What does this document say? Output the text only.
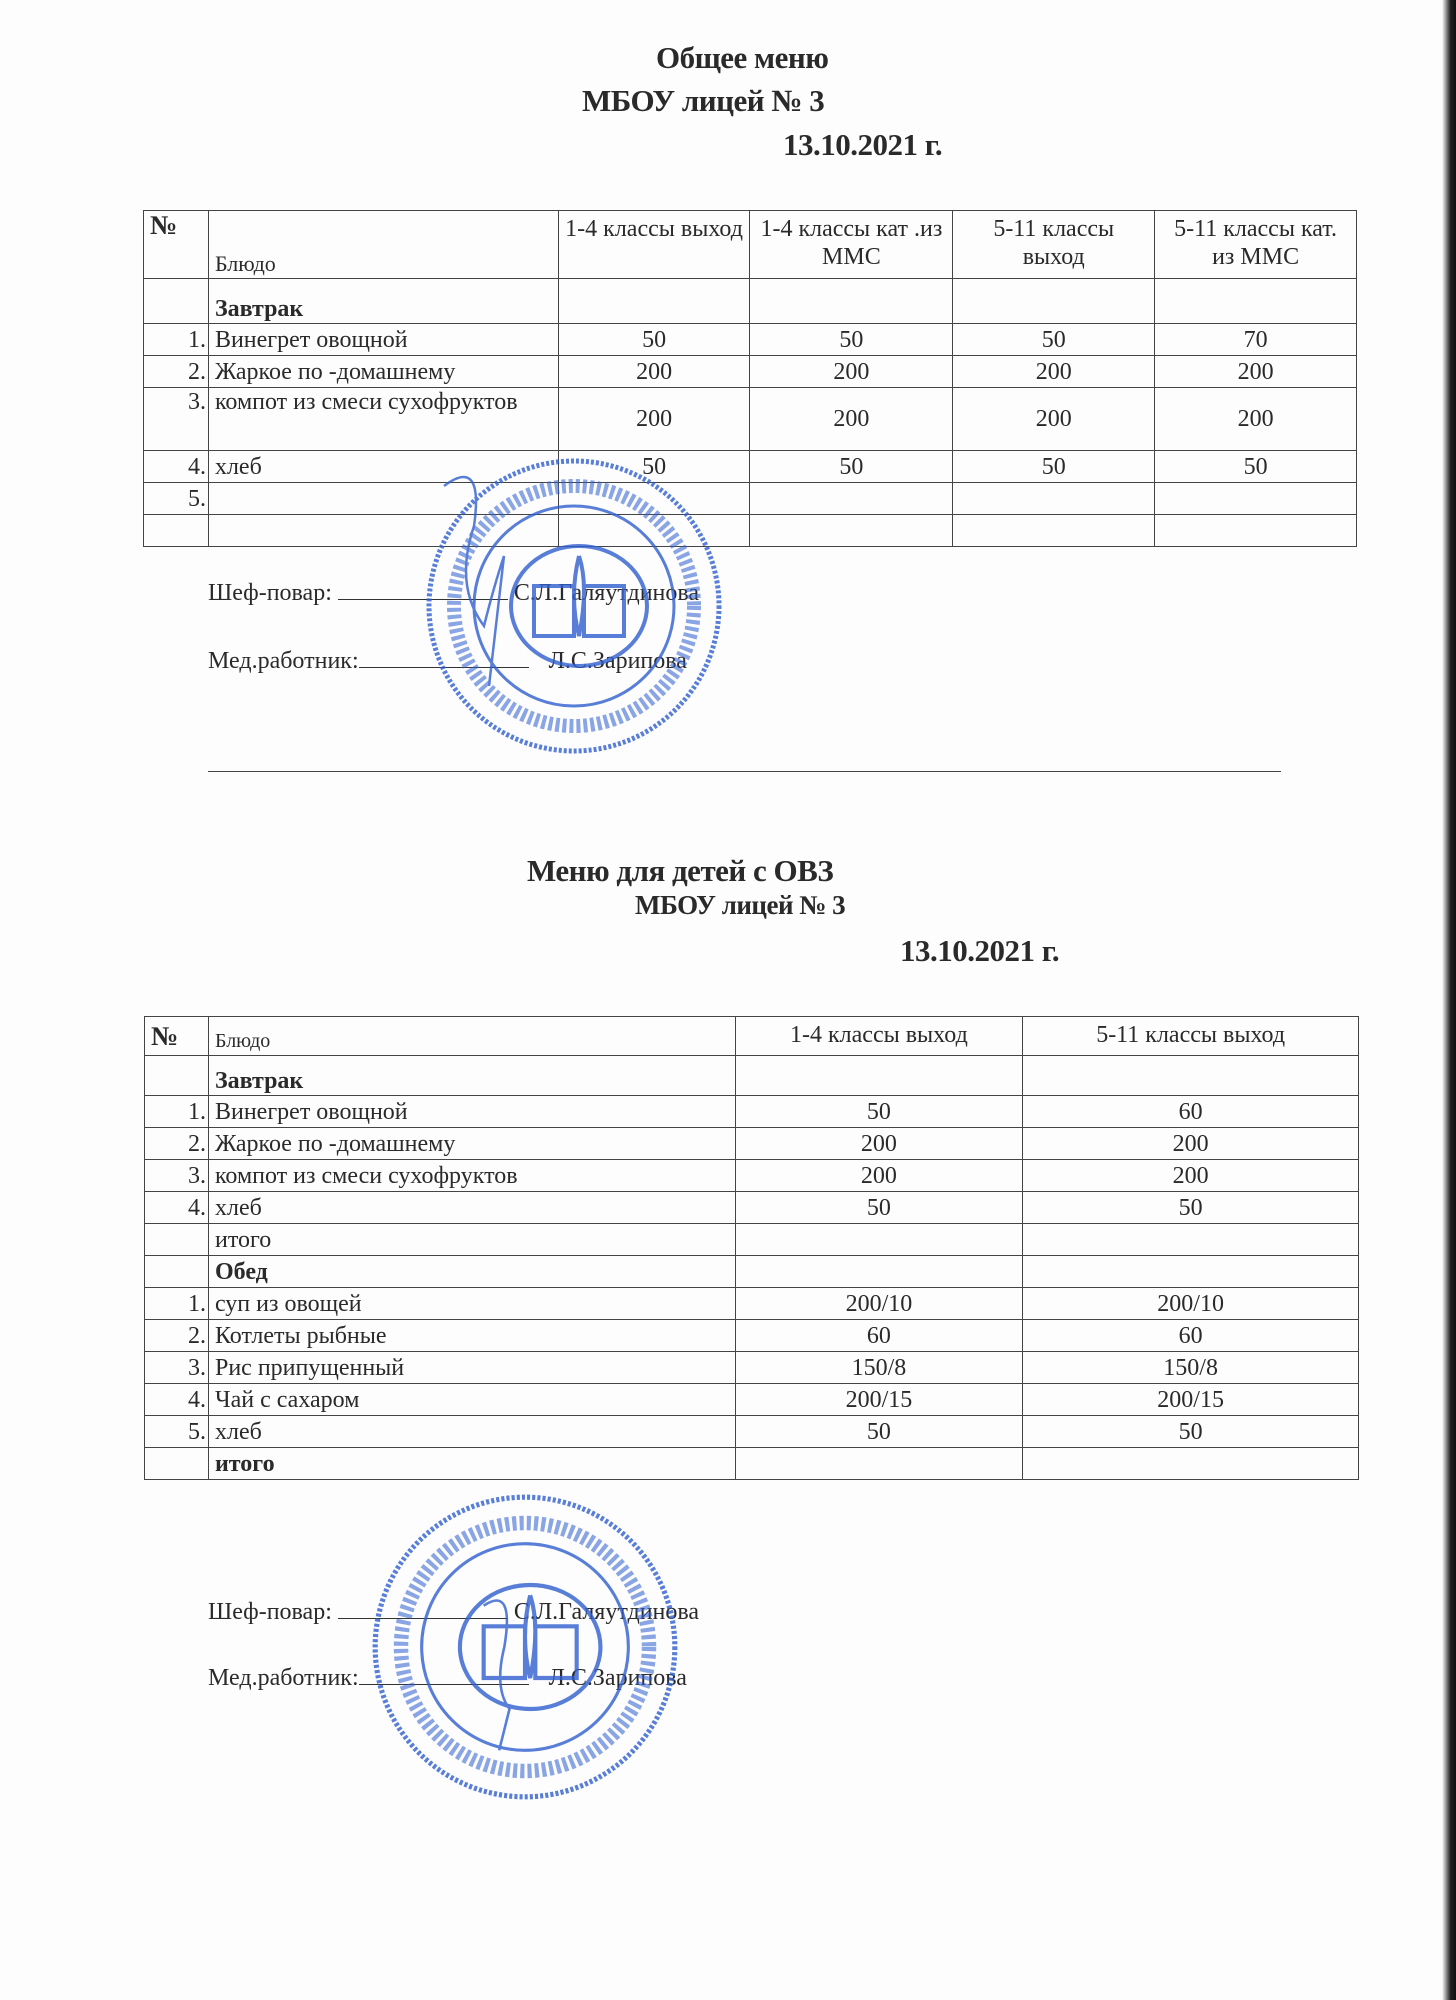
Общее меню
МБОУ лицей № 3
13.10.2021 г.
№	Блюдо	1-4 классы выход	1-4 классы кат .из ММС	5-11 классы выход	5-11 классы кат. из ММС
	Завтрак				
1.	Винегрет овощной	50	50	50	70
2.	Жаркое по -домашнему	200	200	200	200
3.	компот из смеси сухофруктов	200	200	200	200
4.	хлеб	50	50	50	50
5.					

Шеф-повар:	С.Л.Галяутдинова
Мед.работник:	Л.С.Зарипова
Меню для детей с ОВЗ
МБОУ лицей № 3
13.10.2021 г.
№	Блюдо	1-4 классы выход	5-11 классы выход
	Завтрак		
1.	Винегрет овощной	50	60
2.	Жаркое по -домашнему	200	200
3.	компот из смеси сухофруктов	200	200
4.	хлеб	50	50
	итого		
	Обед		
1.	суп из овощей	200/10	200/10
2.	Котлеты рыбные	60	60
3.	Рис припущенный	150/8	150/8
4.	Чай с сахаром	200/15	200/15
5.	хлеб	50	50
	итого		
Шеф-повар:	С.Л.Галяутдинова
Мед.работник:	Л.С.Зарипова
